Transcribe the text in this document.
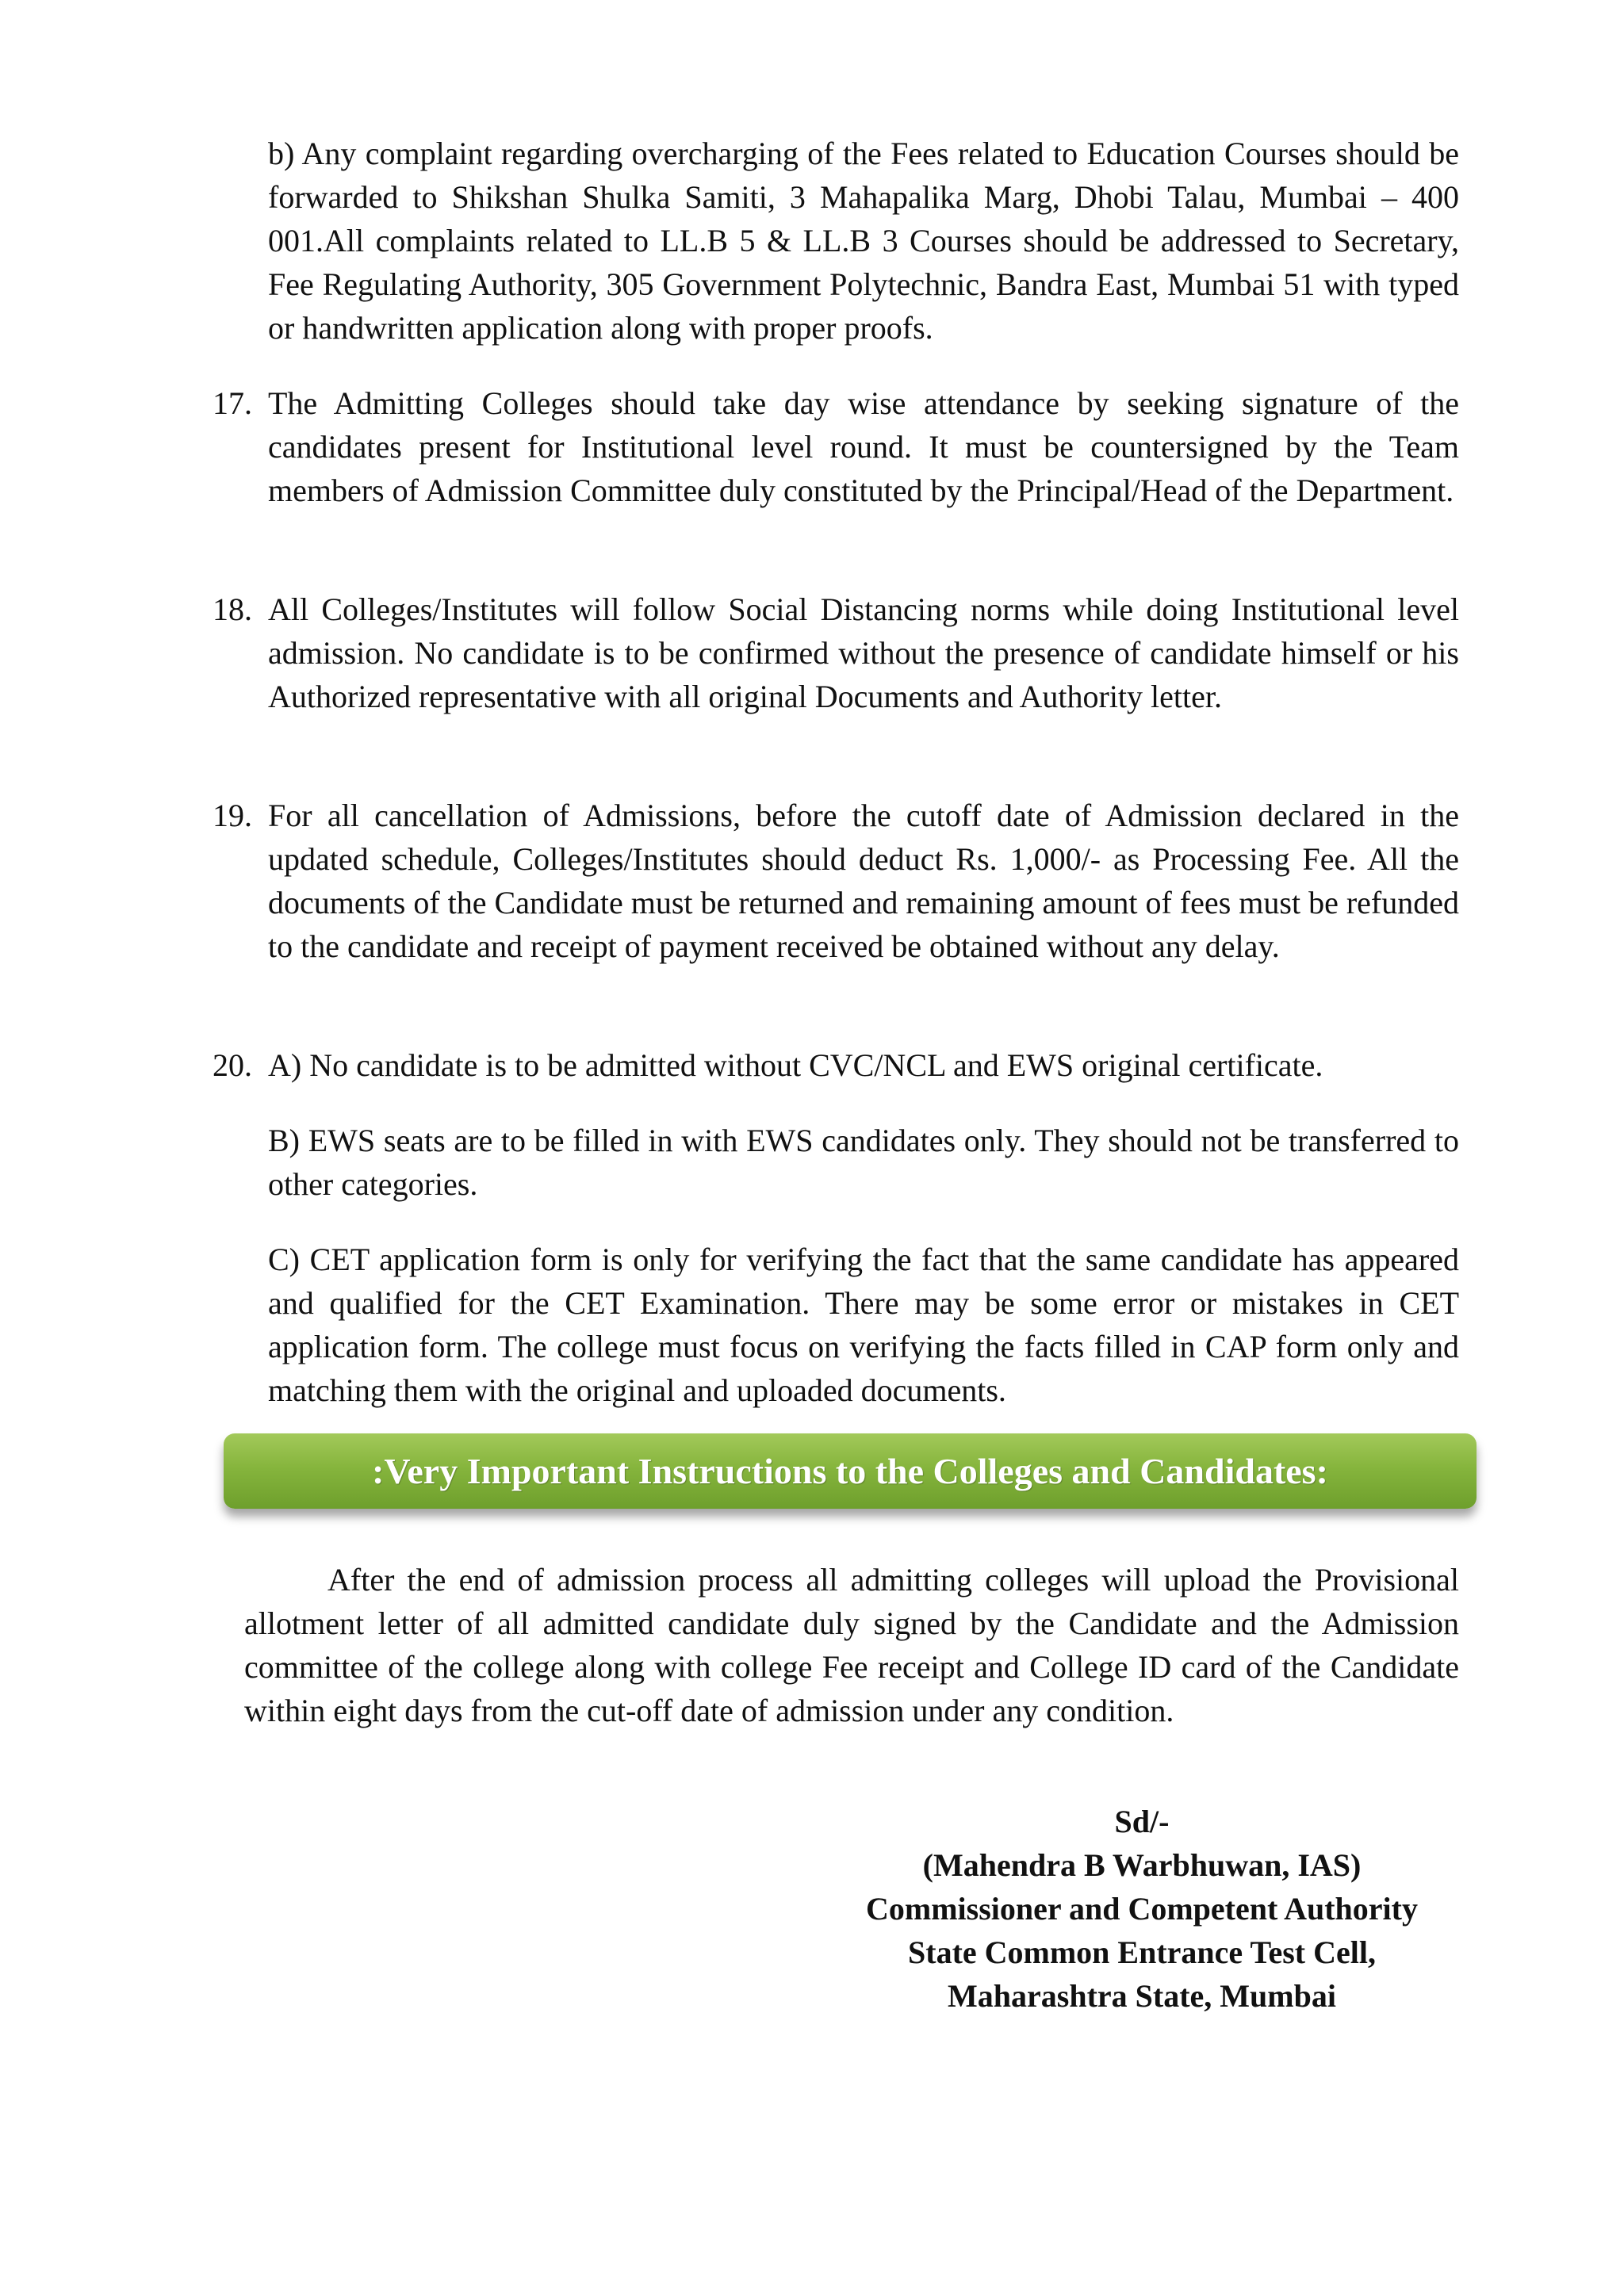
b) Any complaint regarding overcharging of the Fees related to Education Courses should be forwarded to Shikshan Shulka Samiti, 3 Mahapalika Marg, Dhobi Talau, Mumbai – 400 001.All complaints related to LL.B 5 & LL.B 3 Courses should be addressed to Secretary, Fee Regulating Authority, 305 Government Polytechnic, Bandra East, Mumbai 51 with typed or handwritten application along with proper proofs.

17. The Admitting Colleges should take day wise attendance by seeking signature of the candidates present for Institutional level round. It must be countersigned by the Team members of Admission Committee duly constituted by the Principal/Head of the Department.

18. All Colleges/Institutes will follow Social Distancing norms while doing Institutional level admission. No candidate is to be confirmed without the presence of candidate himself or his Authorized representative with all original Documents and Authority letter.

19. For all cancellation of Admissions, before the cutoff date of Admission declared in the updated schedule, Colleges/Institutes should deduct Rs. 1,000/- as Processing Fee. All the documents of the Candidate must be returned and remaining amount of fees must be refunded to the candidate and receipt of payment received be obtained without any delay.

20. A) No candidate is to be admitted without CVC/NCL and EWS original certificate.

B) EWS seats are to be filled in with EWS candidates only. They should not be transferred to other categories.

C) CET application form is only for verifying the fact that the same candidate has appeared and qualified for the CET Examination. There may be some error or mistakes in CET application form. The college must focus on verifying the facts filled in CAP form only and matching them with the original and uploaded documents.

:Very Important Instructions to the Colleges and Candidates:

After the end of admission process all admitting colleges will upload the Provisional allotment letter of all admitted candidate duly signed by the Candidate and the Admission committee of the college along with college Fee receipt and College ID card of the Candidate within eight days from the cut-off date of admission under any condition.

Sd/-
(Mahendra B Warbhuwan, IAS)
Commissioner and Competent Authority
State Common Entrance Test Cell,
Maharashtra State, Mumbai
